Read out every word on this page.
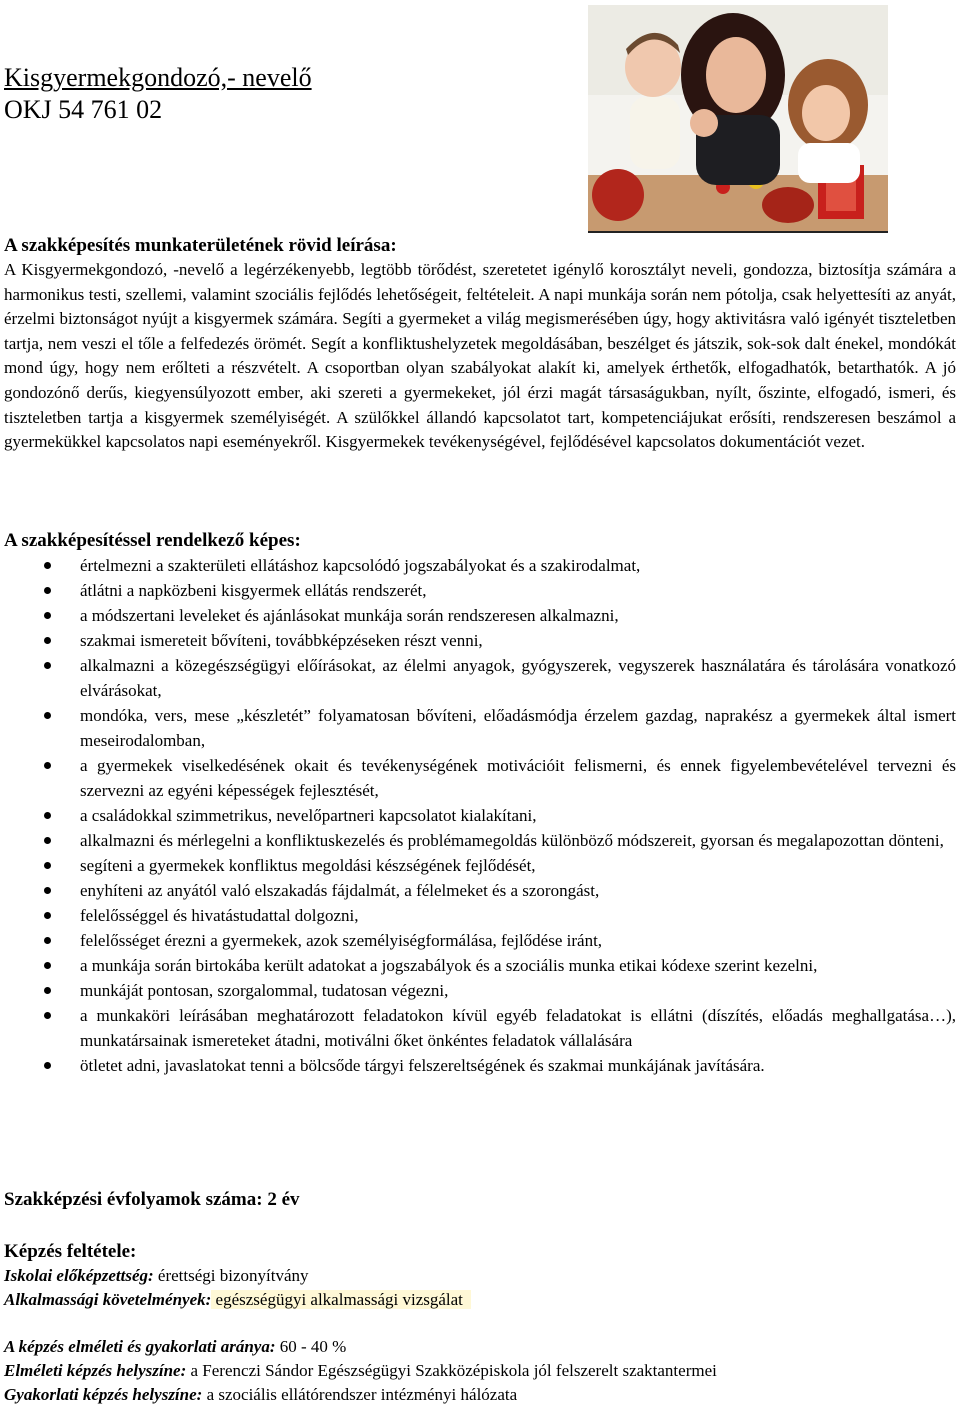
Kisgyermekgondozó,- nevelő
OKJ 54 761 02
A szakképesítés munkaterületének rövid leírása:
A Kisgyermekgondozó, -nevelő a legérzékenyebb, legtöbb törődést, szeretetet igénylő korosztályt neveli, gondozza, biztosítja számára a harmonikus testi, szellemi, valamint szociális fejlődés lehetőségeit, feltételeit. A napi munkája során nem pótolja, csak helyettesíti az anyát, érzelmi biztonságot nyújt a kisgyermek számára. Segíti a gyermeket a világ megismerésében úgy, hogy aktivitásra való igényét tiszteletben tartja, nem veszi el tőle a felfedezés örömét. Segít a konfliktushelyzetek megoldásában, beszélget és játszik, sok-sok dalt énekel, mondókát mond úgy, hogy nem erőlteti a részvételt. A csoportban olyan szabályokat alakít ki, amelyek érthetők, elfogadhatók, betarthatók. A jó gondozónő derűs, kiegyensúlyozott ember, aki szereti a gyermekeket, jól érzi magát társaságukban, nyílt, őszinte, elfogadó, ismeri, és tiszteletben tartja a kisgyermek személyiségét. A szülőkkel állandó kapcsolatot tart, kompetenciájukat erősíti, rendszeresen beszámol a gyermekükkel kapcsolatos napi eseményekről. Kisgyermekek tevékenységével, fejlődésével kapcsolatos dokumentációt vezet.
A szakképesítéssel rendelkező képes:
értelmezni a szakterületi ellátáshoz kapcsolódó jogszabályokat és a szakirodalmat,
átlátni a napközbeni kisgyermek ellátás rendszerét,
a módszertani leveleket és ajánlásokat munkája során rendszeresen alkalmazni,
szakmai ismereteit bővíteni, továbbképzéseken részt venni,
alkalmazni a közegészségügyi előírásokat, az élelmi anyagok, gyógyszerek, vegyszerek használatára és tárolására vonatkozó elvárásokat,
mondóka, vers, mese „készletét” folyamatosan bővíteni, előadásmódja érzelem gazdag, naprakész a gyermekek által ismert meseirodalomban,
a gyermekek viselkedésének okait és tevékenységének motivációit felismerni, és ennek figyelembevételével tervezni és szervezni az egyéni képességek fejlesztését,
a családokkal szimmetrikus, nevelőpartneri kapcsolatot kialakítani,
alkalmazni és mérlegelni a konfliktuskezelés és problémamegoldás különböző módszereit, gyorsan és megalapozottan dönteni,
segíteni a gyermekek konfliktus megoldási készségének fejlődését,
enyhíteni az anyától való elszakadás fájdalmát, a félelmeket és a szorongást,
felelősséggel és hivatástudattal dolgozni,
felelősséget érezni a gyermekek, azok személyiségformálása, fejlődése iránt,
a munkája során birtokába került adatokat a jogszabályok és a szociális munka etikai kódexe szerint kezelni,
munkáját pontosan, szorgalommal, tudatosan végezni,
a munkaköri leírásában meghatározott feladatokon kívül egyéb feladatokat is ellátni (díszítés, előadás meghallgatása…), munkatársainak ismereteket átadni, motiválni őket önkéntes feladatok vállalására
ötletet adni, javaslatokat tenni a bölcsőde tárgyi felszereltségének és szakmai munkájának javítására.
Szakképzési évfolyamok száma: 2 év
Képzés feltétele:
Iskolai előképzettség: érettségi bizonyítvány
Alkalmassági követelmények: egészségügyi alkalmassági vizsgálat
A képzés elméleti és gyakorlati aránya: 60 - 40 %
Elméleti képzés helyszíne: a Ferenczi Sándor Egészségügyi Szakközépiskola jól felszerelt szaktantermei
Gyakorlati képzés helyszíne: a szociális ellátórendszer intézményi hálózata
